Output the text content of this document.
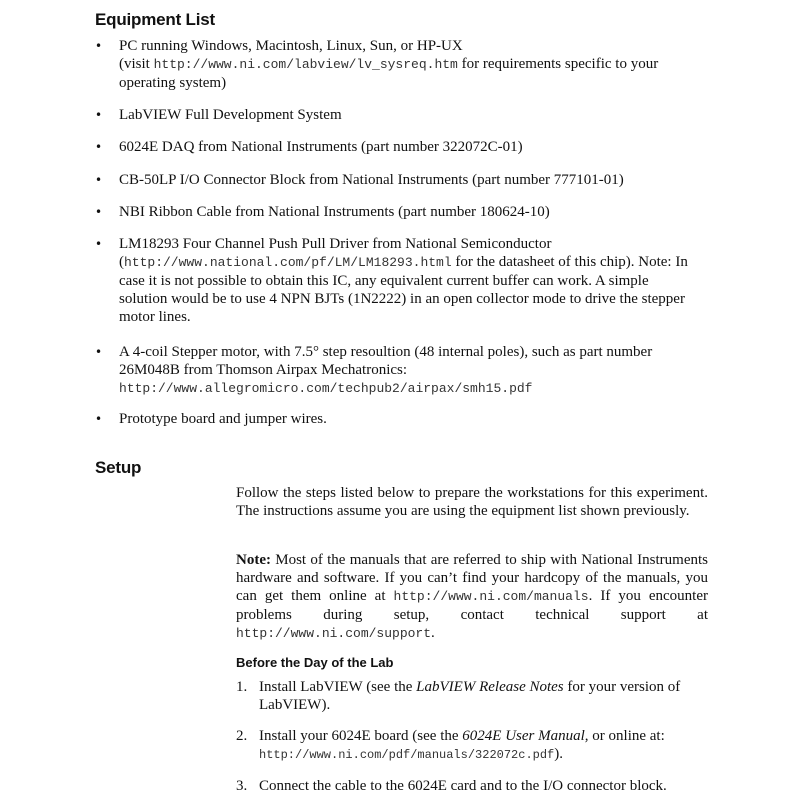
Equipment List
• PC running Windows, Macintosh, Linux, Sun, or HP-UX
(visit http://www.ni.com/labview/lv_sysreq.htm for requirements specific to your operating system)
• LabVIEW Full Development System
• 6024E DAQ from National Instruments (part number 322072C-01)
• CB-50LP I/O Connector Block from National Instruments (part number 777101-01)
• NBI Ribbon Cable from National Instruments (part number 180624-10)
• LM18293 Four Channel Push Pull Driver from National Semiconductor
(http://www.national.com/pf/LM/LM18293.html for the datasheet of this chip). Note: In case it is not possible to obtain this IC, any equivalent current buffer can work. A simple solution would be to use 4 NPN BJTs (1N2222) in an open collector mode to drive the stepper motor lines.
• A 4-coil Stepper motor, with 7.5° step resoultion (48 internal poles), such as part number 26M048B from Thomson Airpax Mechatronics:
http://www.allegromicro.com/techpub2/airpax/smh15.pdf
• Prototype board and jumper wires.
Setup
Follow the steps listed below to prepare the workstations for this experiment. The instructions assume you are using the equipment list shown previously.
Note: Most of the manuals that are referred to ship with National Instruments hardware and software. If you can’t find your hardcopy of the manuals, you can get them online at http://www.ni.com/manuals. If you encounter problems during setup, contact technical support at http://www.ni.com/support.
Before the Day of the Lab
1. Install LabVIEW (see the LabVIEW Release Notes for your version of LabVIEW).
2. Install your 6024E board (see the 6024E User Manual, or online at:
http://www.ni.com/pdf/manuals/322072c.pdf).
3. Connect the cable to the 6024E card and to the I/O connector block.
